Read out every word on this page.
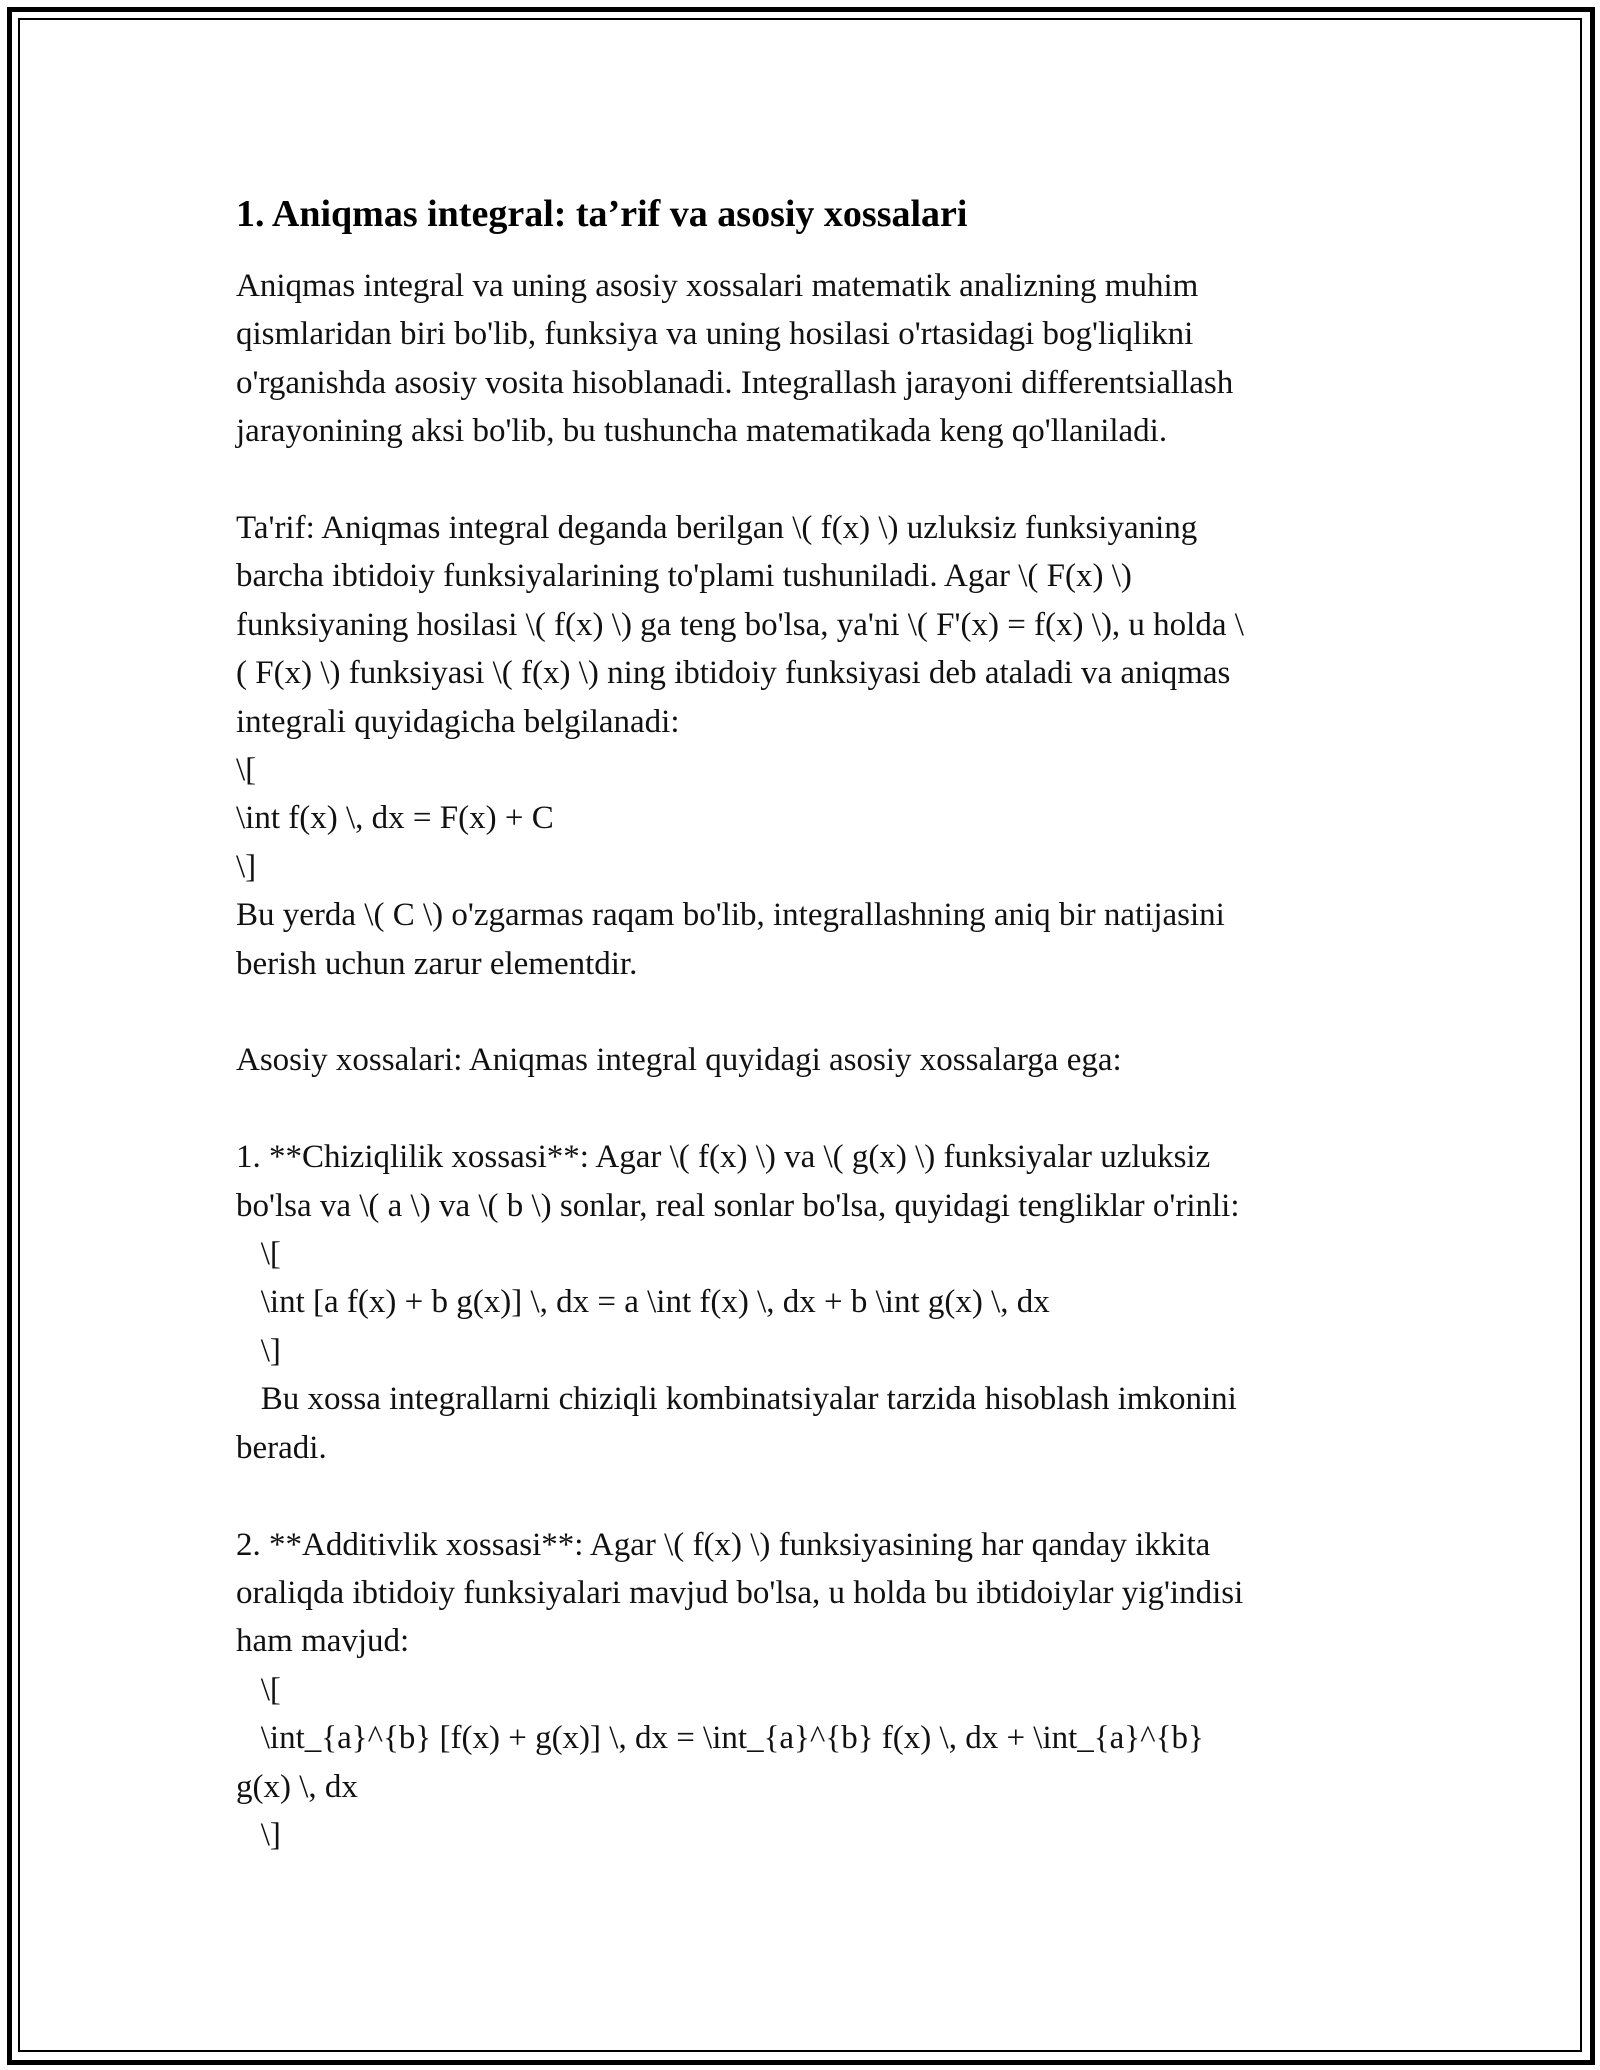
1. Aniqmas integral: ta’rif va asosiy xossalari

Aniqmas integral va uning asosiy xossalari matematik analizning muhim
qismlaridan biri bo'lib, funksiya va uning hosilasi o'rtasidagi bog'liqlikni
o'rganishda asosiy vosita hisoblanadi. Integrallash jarayoni differentsiallash
jarayonining aksi bo'lib, bu tushuncha matematikada keng qo'llaniladi.

Ta'rif: Aniqmas integral deganda berilgan \( f(x) \) uzluksiz funksiyaning
barcha ibtidoiy funksiyalarining to'plami tushuniladi. Agar \( F(x) \)
funksiyaning hosilasi \( f(x) \) ga teng bo'lsa, ya'ni \( F'(x) = f(x) \), u holda \
( F(x) \) funksiyasi \( f(x) \) ning ibtidoiy funksiyasi deb ataladi va aniqmas
integrali quyidagicha belgilanadi:
\[
\int f(x) \, dx = F(x) + C
\]
Bu yerda \( C \) o'zgarmas raqam bo'lib, integrallashning aniq bir natijasini
berish uchun zarur elementdir.

Asosiy xossalari: Aniqmas integral quyidagi asosiy xossalarga ega:

1. **Chiziqlilik xossasi**: Agar \( f(x) \) va \( g(x) \) funksiyalar uzluksiz
bo'lsa va \( a \) va \( b \) sonlar, real sonlar bo'lsa, quyidagi tengliklar o'rinli:
\[
\int [a f(x) + b g(x)] \, dx = a \int f(x) \, dx + b \int g(x) \, dx
\]
Bu xossa integrallarni chiziqli kombinatsiyalar tarzida hisoblash imkonini
beradi.

2. **Additivlik xossasi**: Agar \( f(x) \) funksiyasining har qanday ikkita
oraliqda ibtidoiy funksiyalari mavjud bo'lsa, u holda bu ibtidoiylar yig'indisi
ham mavjud:
\[
\int_{a}^{b} [f(x) + g(x)] \, dx = \int_{a}^{b} f(x) \, dx + \int_{a}^{b}
g(x) \, dx
\]
